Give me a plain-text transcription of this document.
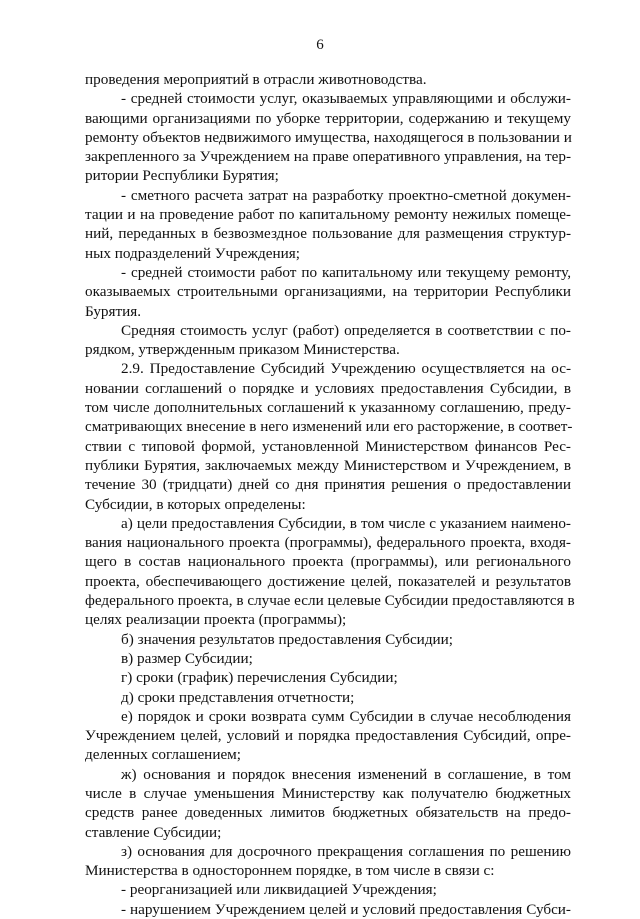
6
проведения мероприятий в отрасли животноводства.
- средней стоимости услуг, оказываемых управляющими и обслужи-
вающими организациями по уборке территории, содержанию и текущему
ремонту объектов недвижимого имущества, находящегося в пользовании и
закрепленного за Учреждением на праве оперативного управления, на тер-
ритории Республики Бурятия;
- сметного расчета затрат на разработку проектно-сметной докумен-
тации и на проведение работ по капитальному ремонту нежилых помеще-
ний, переданных в безвозмездное пользование для размещения структур-
ных подразделений Учреждения;
- средней стоимости работ по капитальному или текущему ремонту,
оказываемых строительными организациями, на территории Республики
Бурятия.
Средняя стоимость услуг (работ) определяется в соответствии с по-
рядком, утвержденным приказом Министерства.
2.9. Предоставление Субсидий Учреждению осуществляется на ос-
новании соглашений о порядке и условиях предоставления Субсидии, в
том числе дополнительных соглашений к указанному соглашению, преду-
сматривающих внесение в него изменений или его расторжение, в соответ-
ствии с типовой формой, установленной Министерством финансов Рес-
публики Бурятия, заключаемых между Министерством и Учреждением, в
течение 30 (тридцати) дней со дня принятия решения о предоставлении
Субсидии, в которых определены:
а) цели предоставления Субсидии, в том числе с указанием наимено-
вания национального проекта (программы), федерального проекта, входя-
щего в состав национального проекта (программы), или регионального
проекта, обеспечивающего достижение целей, показателей и результатов
федерального проекта, в случае если целевые Субсидии предоставляются в
целях реализации проекта (программы);
б) значения результатов предоставления Субсидии;
в) размер Субсидии;
г) сроки (график) перечисления Субсидии;
д) сроки представления отчетности;
е) порядок и сроки возврата сумм Субсидии в случае несоблюдения
Учреждением целей, условий и порядка предоставления Субсидий, опре-
деленных соглашением;
ж) основания и порядок внесения изменений в соглашение, в том
числе в случае уменьшения Министерству как получателю бюджетных
средств ранее доведенных лимитов бюджетных обязательств на предо-
ставление Субсидии;
з) основания для досрочного прекращения соглашения по решению
Министерства в одностороннем порядке, в том числе в связи с:
- реорганизацией или ликвидацией Учреждения;
- нарушением Учреждением целей и условий предоставления Субси-
